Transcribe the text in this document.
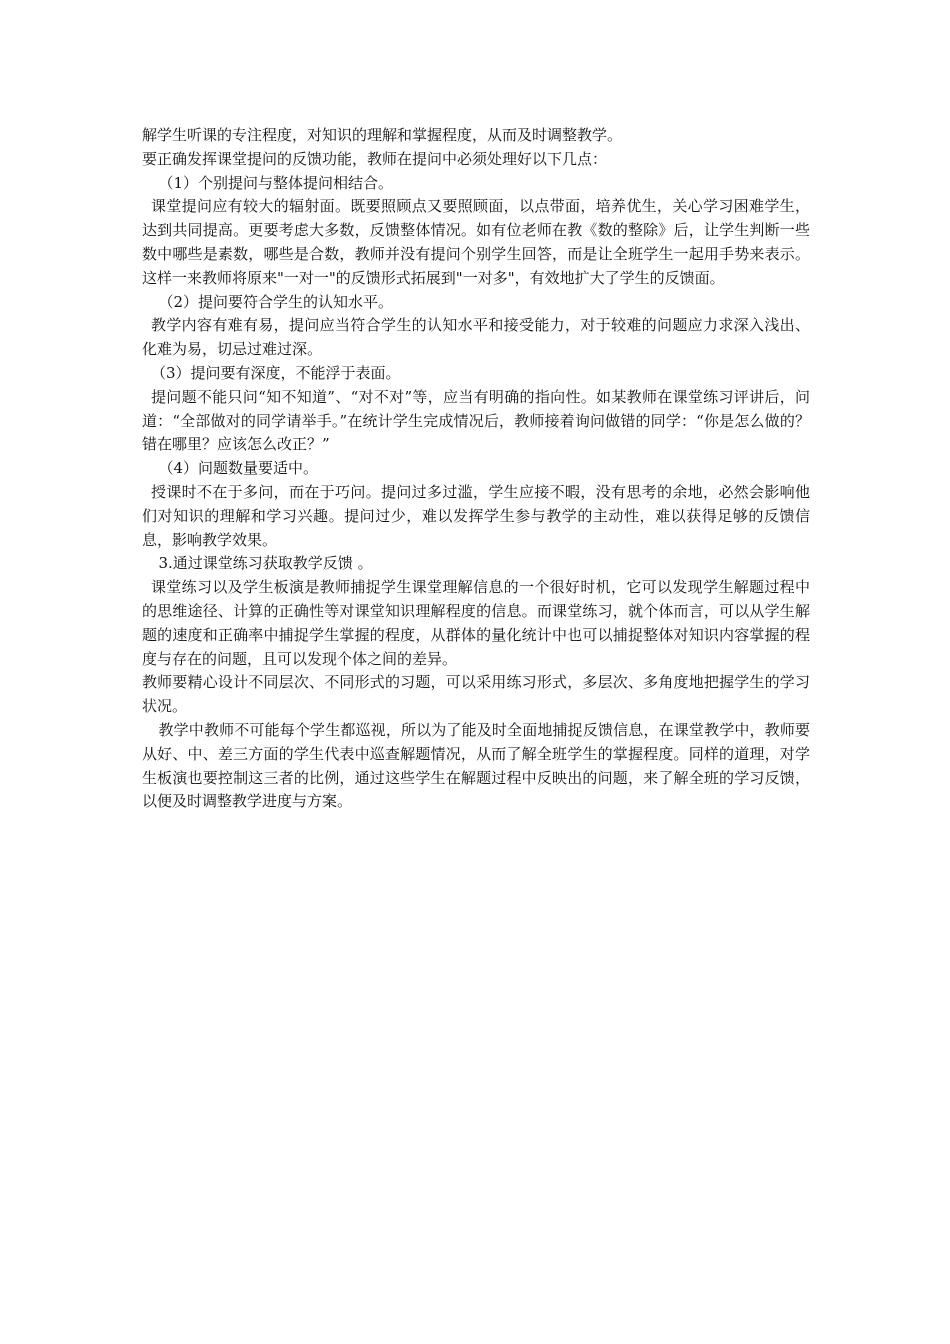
解学生听课的专注程度，对知识的理解和掌握程度，从而及时调整教学。

要正确发挥课堂提问的反馈功能，教师在提问中必须处理好以下几点：

（1）个别提问与整体提问相结合。

课堂提问应有较大的辐射面。既要照顾点又要照顾面，以点带面，培养优生，关心学习困难学生，达到共同提高。更要考虑大多数，反馈整体情况。如有位老师在教《数的整除》后，让学生判断一些数中哪些是素数，哪些是合数，教师并没有提问个别学生回答，而是让全班学生一起用手势来表示。这样一来教师将原来"一对一"的反馈形式拓展到"一对多"，有效地扩大了学生的反馈面。

（2）提问要符合学生的认知水平。

教学内容有难有易，提问应当符合学生的认知水平和接受能力，对于较难的问题应力求深入浅出、化难为易，切忌过难过深。

（3）提问要有深度，不能浮于表面。

提问题不能只问“知不知道”、“对不对”等，应当有明确的指向性。如某教师在课堂练习评讲后，问道：“全部做对的同学请举手。”在统计学生完成情况后，教师接着询问做错的同学：“你是怎么做的？错在哪里？应该怎么改正？”

（4）问题数量要适中。

授课时不在于多问，而在于巧问。提问过多过滥，学生应接不暇，没有思考的余地，必然会影响他们对知识的理解和学习兴趣。提问过少，难以发挥学生参与教学的主动性，难以获得足够的反馈信息，影响教学效果。

3.通过课堂练习获取教学反馈 。

课堂练习以及学生板演是教师捕捉学生课堂理解信息的一个很好时机，它可以发现学生解题过程中的思维途径、计算的正确性等对课堂知识理解程度的信息。而课堂练习，就个体而言，可以从学生解题的速度和正确率中捕捉学生掌握的程度，从群体的量化统计中也可以捕捉整体对知识内容掌握的程度与存在的问题，且可以发现个体之间的差异。

教师要精心设计不同层次、不同形式的习题，可以采用练习形式，多层次、多角度地把握学生的学习状况。

教学中教师不可能每个学生都巡视，所以为了能及时全面地捕捉反馈信息，在课堂教学中，教师要从好、中、差三方面的学生代表中巡查解题情况，从而了解全班学生的掌握程度。同样的道理，对学生板演也要控制这三者的比例，通过这些学生在解题过程中反映出的问题，来了解全班的学习反馈，以便及时调整教学进度与方案。
